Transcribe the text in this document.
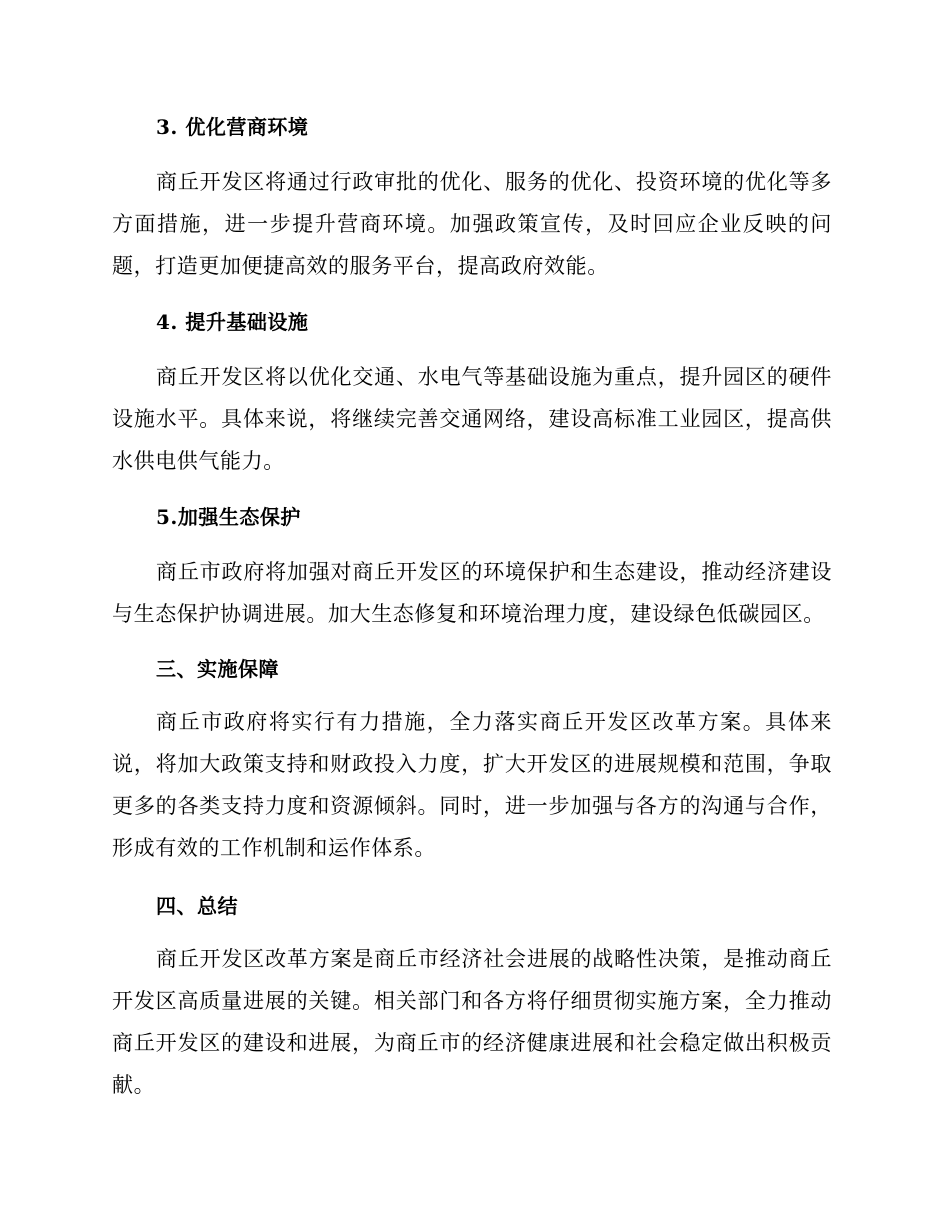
3. 优化营商环境

商丘开发区将通过行政审批的优化、服务的优化、投资环境的优化等多方面措施，进一步提升营商环境。加强政策宣传，及时回应企业反映的问题，打造更加便捷高效的服务平台，提高政府效能。

4. 提升基础设施

商丘开发区将以优化交通、水电气等基础设施为重点，提升园区的硬件设施水平。具体来说，将继续完善交通网络，建设高标准工业园区，提高供水供电供气能力。

5.加强生态保护

商丘市政府将加强对商丘开发区的环境保护和生态建设，推动经济建设与生态保护协调进展。加大生态修复和环境治理力度，建设绿色低碳园区。

三、实施保障

商丘市政府将实行有力措施，全力落实商丘开发区改革方案。具体来说，将加大政策支持和财政投入力度，扩大开发区的进展规模和范围，争取更多的各类支持力度和资源倾斜。同时，进一步加强与各方的沟通与合作，形成有效的工作机制和运作体系。

四、总结

商丘开发区改革方案是商丘市经济社会进展的战略性决策，是推动商丘开发区高质量进展的关键。相关部门和各方将仔细贯彻实施方案，全力推动商丘开发区的建设和进展，为商丘市的经济健康进展和社会稳定做出积极贡献。
